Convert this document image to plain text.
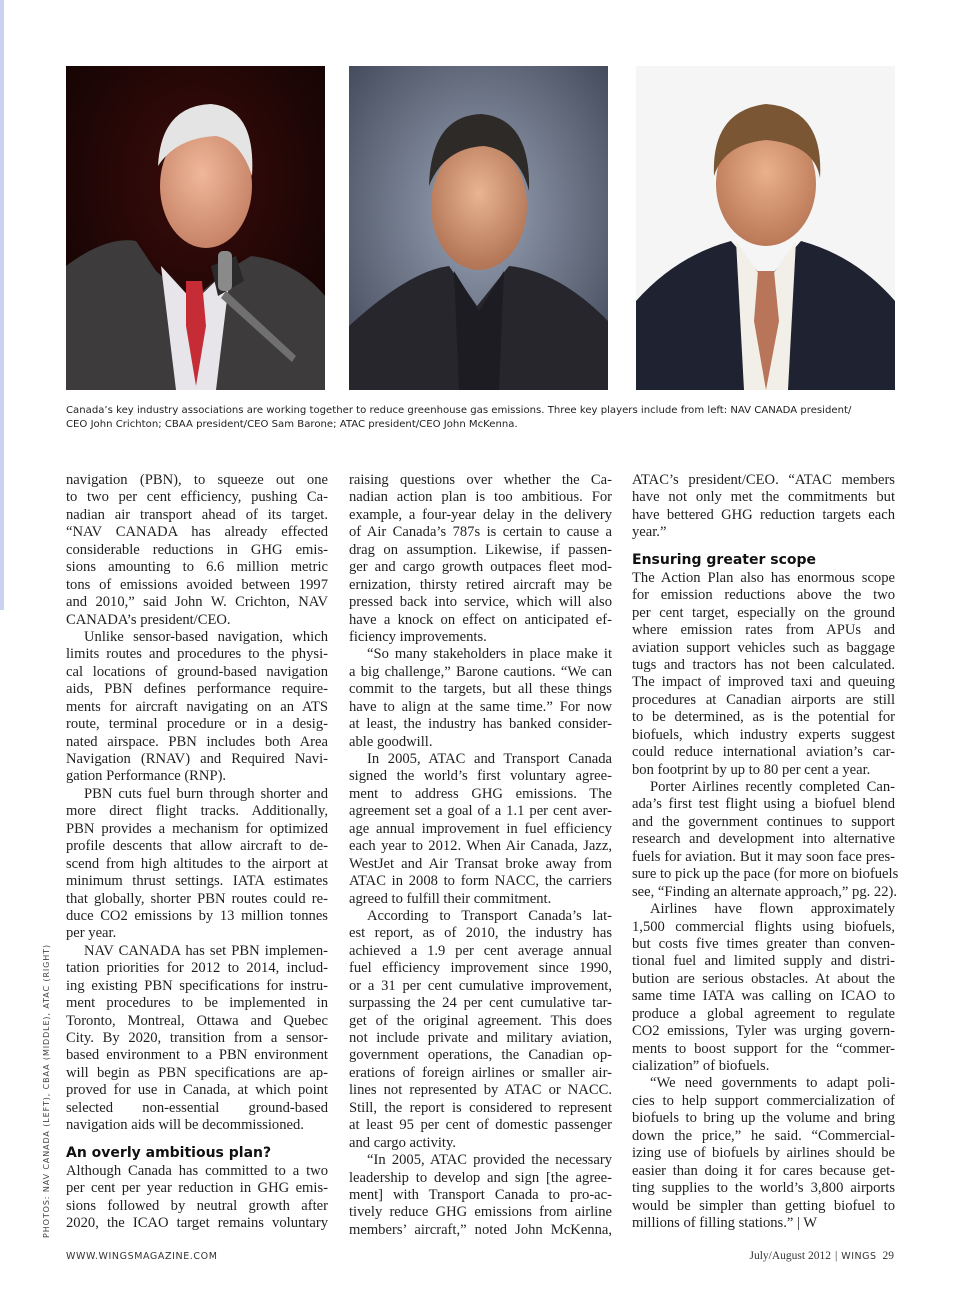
Canada’s key industry associations are working together to reduce greenhouse gas emissions. Three key players include from left: NAV CANADA president/
CEO John Crichton; CBAA president/CEO Sam Barone; ATAC president/CEO John McKenna.
PHOTOS: NAV CANADA (LEFT), CBAA (MIDDLE), ATAC (RIGHT)
navigation (PBN), to squeeze out one
to two per cent efficiency, pushing Ca-
nadian air transport ahead of its target.
“NAV CANADA has already effected
considerable reductions in GHG emis-
sions amounting to 6.6 million metric
tons of emissions avoided between 1997
and 2010,” said John W. Crichton, NAV
CANADA’s president/CEO.
Unlike sensor-based navigation, which
limits routes and procedures to the physi-
cal locations of ground-based navigation
aids, PBN defines performance require-
ments for aircraft navigating on an ATS
route, terminal procedure or in a desig-
nated airspace. PBN includes both Area
Navigation (RNAV) and Required Navi-
gation Performance (RNP).
PBN cuts fuel burn through shorter and
more direct flight tracks. Additionally,
PBN provides a mechanism for optimized
profile descents that allow aircraft to de-
scend from high altitudes to the airport at
minimum thrust settings. IATA estimates
that globally, shorter PBN routes could re-
duce CO2 emissions by 13 million tonnes
per year.
NAV CANADA has set PBN implemen-
tation priorities for 2012 to 2014, includ-
ing existing PBN specifications for instru-
ment procedures to be implemented in
Toronto, Montreal, Ottawa and Quebec
City. By 2020, transition from a sensor-
based environment to a PBN environment
will begin as PBN specifications are ap-
proved for use in Canada, at which point
selected non-essential ground-based
navigation aids will be decommissioned.
An overly ambitious plan?
Although Canada has committed to a two
per cent per year reduction in GHG emis-
sions followed by neutral growth after
2020, the ICAO target remains voluntary
raising questions over whether the Ca-
nadian action plan is too ambitious. For
example, a four-year delay in the delivery
of Air Canada’s 787s is certain to cause a
drag on assumption. Likewise, if passen-
ger and cargo growth outpaces fleet mod-
ernization, thirsty retired aircraft may be
pressed back into service, which will also
have a knock on effect on anticipated ef-
ficiency improvements.
“So many stakeholders in place make it
a big challenge,” Barone cautions. “We can
commit to the targets, but all these things
have to align at the same time.” For now
at least, the industry has banked consider-
able goodwill.
In 2005, ATAC and Transport Canada
signed the world’s first voluntary agree-
ment to address GHG emissions. The
agreement set a goal of a 1.1 per cent aver-
age annual improvement in fuel efficiency
each year to 2012. When Air Canada, Jazz,
WestJet and Air Transat broke away from
ATAC in 2008 to form NACC, the carriers
agreed to fulfill their commitment.
According to Transport Canada’s lat-
est report, as of 2010, the industry has
achieved a 1.9 per cent average annual
fuel efficiency improvement since 1990,
or a 31 per cent cumulative improvement,
surpassing the 24 per cent cumulative tar-
get of the original agreement. This does
not include private and military aviation,
government operations, the Canadian op-
erations of foreign airlines or smaller air-
lines not represented by ATAC or NACC.
Still, the report is considered to represent
at least 95 per cent of domestic passenger
and cargo activity.
“In 2005, ATAC provided the necessary
leadership to develop and sign [the agree-
ment] with Transport Canada to pro-ac-
tively reduce GHG emissions from airline
members’ aircraft,” noted John McKenna,
ATAC’s president/CEO. “ATAC members
have not only met the commitments but
have bettered GHG reduction targets each
year.”
Ensuring greater scope
The Action Plan also has enormous scope
for emission reductions above the two
per cent target, especially on the ground
where emission rates from APUs and
aviation support vehicles such as baggage
tugs and tractors has not been calculated.
The impact of improved taxi and queuing
procedures at Canadian airports are still
to be determined, as is the potential for
biofuels, which industry experts suggest
could reduce international aviation’s car-
bon footprint by up to 80 per cent a year.
Porter Airlines recently completed Can-
ada’s first test flight using a biofuel blend
and the government continues to support
research and development into alternative
fuels for aviation. But it may soon face pres-
sure to pick up the pace (for more on biofuels
see, “Finding an alternate approach,” pg. 22).
Airlines have flown approximately
1,500 commercial flights using biofuels,
but costs five times greater than conven-
tional fuel and limited supply and distri-
bution are serious obstacles. At about the
same time IATA was calling on ICAO to
produce a global agreement to regulate
CO2 emissions, Tyler was urging govern-
ments to boost support for the “commer-
cialization” of biofuels.
“We need governments to adapt poli-
cies to help support commercialization of
biofuels to bring up the volume and bring
down the price,” he said. “Commercial-
izing use of biofuels by airlines should be
easier than doing it for cares because get-
ting supplies to the world’s 3,800 airports
would be simpler than getting biofuel to
millions of filling stations.” | W
WWW.WINGSMAGAZINE.COM	July/August 2012 | WINGS 29
